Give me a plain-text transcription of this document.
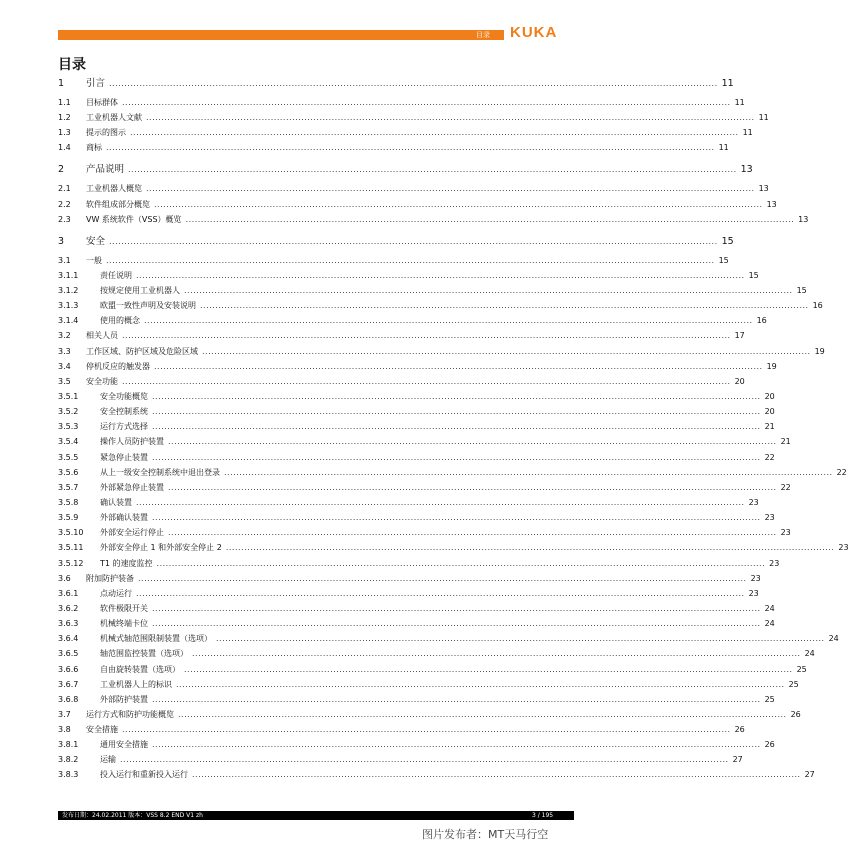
目录 KUKA
目录
1 引言 ........................................................................................................................................................................................................ 11
1.1 目标群体 ........................................................................................................................................................................................................ 11
1.2 工业机器人文献 ........................................................................................................................................................................................................ 11
1.3 提示的图示 ........................................................................................................................................................................................................ 11
1.4 商标 ........................................................................................................................................................................................................ 11
2 产品说明 ........................................................................................................................................................................................................ 13
2.1 工业机器人概览 ........................................................................................................................................................................................................ 13
2.2 软件组成部分概览 ........................................................................................................................................................................................................ 13
2.3 VW 系统软件（VSS）概览 ........................................................................................................................................................................................................ 13
3 安全 ........................................................................................................................................................................................................ 15
3.1 一般 ........................................................................................................................................................................................................ 15
3.1.1	责任说明 ........................................................................................................................................................................................................ 15
3.1.2	按规定使用工业机器人 ........................................................................................................................................................................................................ 15
3.1.3	欧盟一致性声明及安装说明 ........................................................................................................................................................................................................ 16
3.1.4	使用的概念 ........................................................................................................................................................................................................ 16
3.2 相关人员 ........................................................................................................................................................................................................ 17
3.3 工作区域、防护区域及危险区域 ........................................................................................................................................................................................................ 19
3.4 停机反应的触发器 ........................................................................................................................................................................................................ 19
3.5 安全功能 ........................................................................................................................................................................................................ 20
3.5.1	安全功能概览 ........................................................................................................................................................................................................ 20
3.5.2	安全控制系统 ........................................................................................................................................................................................................ 20
3.5.3	运行方式选择 ........................................................................................................................................................................................................ 21
3.5.4	操作人员防护装置 ........................................................................................................................................................................................................ 21
3.5.5	紧急停止装置 ........................................................................................................................................................................................................ 22
3.5.6	从上一级安全控制系统中退出登录 ........................................................................................................................................................................................................ 22
3.5.7	外部紧急停止装置 ........................................................................................................................................................................................................ 22
3.5.8	确认装置 ........................................................................................................................................................................................................ 23
3.5.9	外部确认装置 ........................................................................................................................................................................................................ 23
3.5.10 外部安全运行停止 ........................................................................................................................................................................................................ 23
3.5.11 外部安全停止 1 和外部安全停止 2 ........................................................................................................................................................................................................ 23
3.5.12 T1 的速度监控 ........................................................................................................................................................................................................ 23
3.6 附加防护装备 ........................................................................................................................................................................................................ 23
3.6.1	点动运行 ........................................................................................................................................................................................................ 23
3.6.2	软件极限开关 ........................................................................................................................................................................................................ 24
3.6.3	机械终端卡位 ........................................................................................................................................................................................................ 24
3.6.4	机械式轴范围限制装置（选项） ........................................................................................................................................................................................................ 24
3.6.5	轴范围监控装置（选项） ........................................................................................................................................................................................................ 24
3.6.6	自由旋转装置（选项） ........................................................................................................................................................................................................ 25
3.6.7	工业机器人上的标识 ........................................................................................................................................................................................................ 25
3.6.8	外部防护装置 ........................................................................................................................................................................................................ 25
3.7 运行方式和防护功能概览 ........................................................................................................................................................................................................ 26
3.8 安全措施 ........................................................................................................................................................................................................ 26
3.8.1	通用安全措施 ........................................................................................................................................................................................................ 26
3.8.2	运输 ........................................................................................................................................................................................................ 27
3.8.3	投入运行和重新投入运行 ........................................................................................................................................................................................................ 27
发布日期：24.02.2011 版本：VSS 8.2 END V1 zh	3 / 195
图片发布者：MT天马行空
